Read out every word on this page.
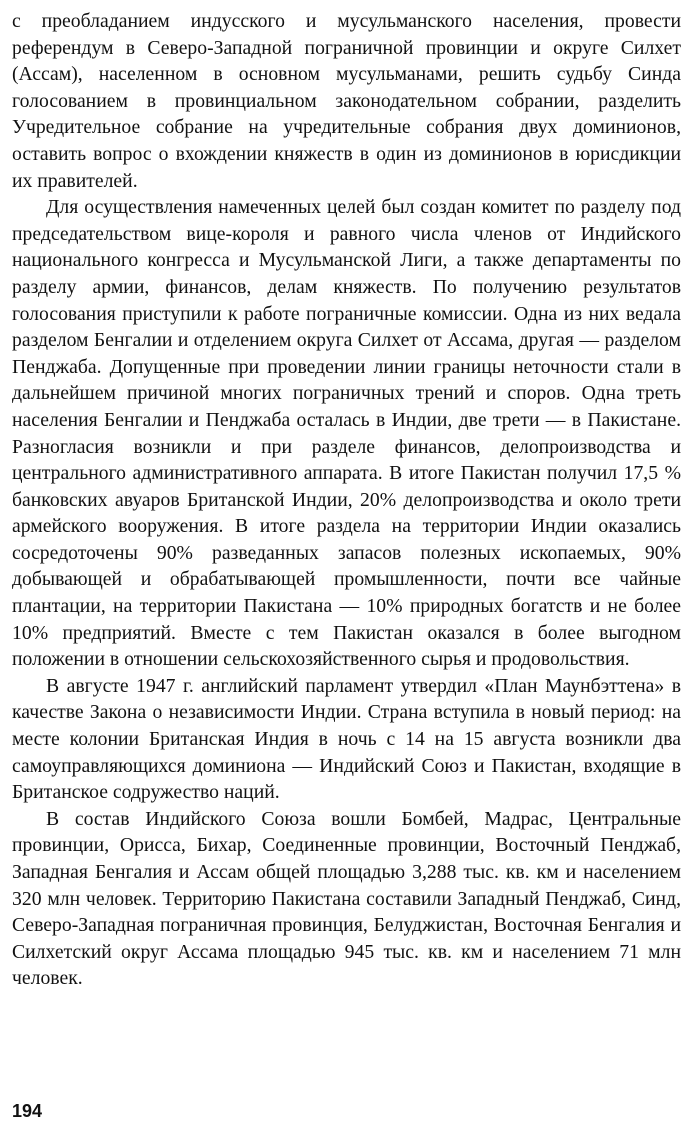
с преобладанием индусского и мусульманского населения, провести референдум в Северо-Западной пограничной провинции и округе Силхет (Ассам), населенном в основном мусульманами, решить судьбу Синда голосованием в провинциальном законодательном собрании, разделить Учредительное собрание на учредительные собрания двух доминионов, оставить вопрос о вхождении княжеств в один из доминионов в юрисдикции их правителей.

Для осуществления намеченных целей был создан комитет по разделу под председательством вице-короля и равного числа членов от Индийского национального конгресса и Мусульманской Лиги, а также департаменты по разделу армии, финансов, делам княжеств. По получению результатов голосования приступили к работе пограничные комиссии. Одна из них ведала разделом Бенгалии и отделением округа Силхет от Ассама, другая — разделом Пенджаба. Допущенные при проведении линии границы неточности стали в дальнейшем причиной многих пограничных трений и споров. Одна треть населения Бенгалии и Пенджаба осталась в Индии, две трети — в Пакистане. Разногласия возникли и при разделе финансов, делопроизводства и центрального административного аппарата. В итоге Пакистан получил 17,5 % банковских авуаров Британской Индии, 20% делопроизводства и около трети армейского вооружения. В итоге раздела на территории Индии оказались сосредоточены 90% разведанных запасов полезных ископаемых, 90% добывающей и обрабатывающей промышленности, почти все чайные плантации, на территории Пакистана — 10% природных богатств и не более 10% предприятий. Вместе с тем Пакистан оказался в более выгодном положении в отношении сельскохозяйственного сырья и продовольствия.

В августе 1947 г. английский парламент утвердил «План Маунбэттена» в качестве Закона о независимости Индии. Страна вступила в новый период: на месте колонии Британская Индия в ночь с 14 на 15 августа возникли два самоуправляющихся доминиона — Индийский Союз и Пакистан, входящие в Британское содружество наций.

В состав Индийского Союза вошли Бомбей, Мадрас, Центральные провинции, Орисса, Бихар, Соединенные провинции, Восточный Пенджаб, Западная Бенгалия и Ассам общей площадью 3,288 тыс. кв. км и населением 320 млн человек. Территорию Пакистана составили Западный Пенджаб, Синд, Северо-Западная пограничная провинция, Белуджистан, Восточная Бенгалия и Силхетский округ Ассама площадью 945 тыс. кв. км и населением 71 млн человек.

194
